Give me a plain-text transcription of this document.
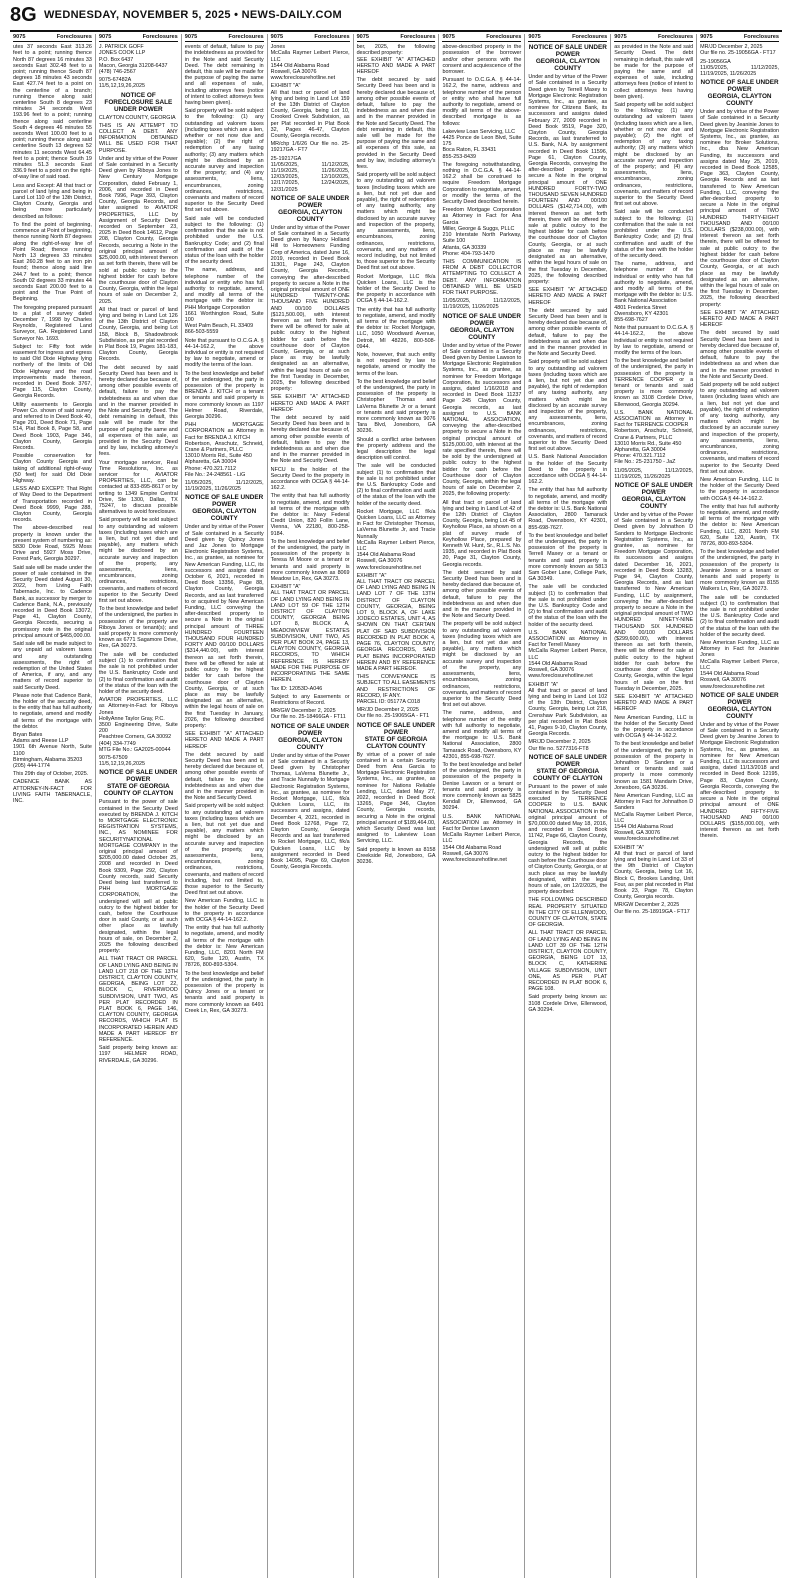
8G WEDNESDAY, NOVEMBER 5, 2025 • NEWS-DAILY.COM
9075	Foreclosures

utes 37 seconds East 313.26 feet to a point; running thence North 87 degrees 16 minutes 33 seconds East 302.48 feet to a point; running thence South 87 degrees 18 minutes 43 seconds East 427.74 feet to a point on the centerline of a branch; running thence along said centerline South 8 degrees 23 minutes 34 seconds West 193.96 feet to a point; running thence along said centerline South 4 degrees 46 minutes 55 seconds West 100.00 feet to a point; running thence along said centerline South 13 degrees 52 minutes 11 seconds West 64.45 feet to a point; thence South 19 minutes 51.3 seconds East 336.9 feet to a point on the right-of-way line of said road.

Less and Except: All that tract or parcel of land lying and being in Land Lot 110 of the 13th District, Clayton County, Georgia and being more particularly described as follows:

To find the point of beginning, commence at Point of beginning, thence running North 87 degrees along the right-of-way line of Point Road; thence running North 13 degrees 33 minutes East 260.28 feet to an iron pin found; thence along said line 244.7 feet to a point; thence South 02 degrees 33 minutes 44 seconds East 200.00 feet to a point and the True Point of Beginning.

The foregoing prepared pursuant to a plat of survey dated December 7, 1998 by Charles Reynolds, Registered Land Surveyor, GA. Registered Land Surveyor No. 1693.

Subject to: Fifty foot wide easement for ingress and egress to said Old Dixie Highway lying northerly of the limits of Old Dixie Highway and the road improvements made thereon, recorded in Deed Book 3767, Page 115, Clayton County, Georgia Records.

Utility easements to Georgia Power Co. shown of said survey and referred to in Deed Book 40, Page 201, Deed Book 71, Page 514, Plat Book 8, Page 58, and Deed Book 1903, Page 346, Clayton County, Georgia Records.

Possible conservation for Clayton County Georgia and taking of additional right-of-way (50 feet) for said Old Dixie Highway.

LESS AND EXCEPT: That Right of Way Deed to the Department of Transportation recorded in Deed Book 9999, Page 288, Clayton County, Georgia records.

The above-described real property is known under the present system of numbering as: 5830 Dixie Road, 5925 Moss Drive and 5927 Moss Drive, Forest Park, Georgia 30297.

Said sale will be made under the power of sale contained in the Security Deed dated August 30, 2022, from Living Faith Tabernacle, Inc. to Cadence Bank, as successor by merger to Cadence Bank, N.A., previously recorded in Deed Book 13072, Page 41, Clayton County, Georgia Records, securing a promissory note in the original principal amount of $465,000.00.

Said sale will be made subject to any unpaid ad valorem taxes and any outstanding assessments, the right of redemption of the United States of America, if any, and any matters of record superior to said Security Deed.

Please note that Cadence Bank, the holder of the security deed, is the entity that has full authority to negotiate, amend and modify all terms of the mortgage with the debtor.

Bryan Bates
Adams and Reese LLP
1901 6th Avenue North, Suite 1100
Birmingham, Alabama 35203
(205) 444-1774

This 29th day of October, 2025.

CADENCE BANK AS ATTORNEY-IN-FACT FOR LIVING FAITH TABERNACLE, INC.

9075	Foreclosures

J. PATRICK GOFF
JONES COOK LLP
P.O. Box 6437
Macon, Georgia 31208-6437
(478) 746-2567

9075-67482A
11/5,12,19,26,2025

NOTICE OF FORECLOSURE SALE UNDER POWER

CLAYTON COUNTY, GEORGIA

THIS IS AN ATTEMPT TO COLLECT A DEBT. ANY INFORMATION OBTAINED WILL BE USED FOR THAT PURPOSE.

Under and by virtue of the Power of Sale contained in a Security Deed given by Riboya Jones to New Century Mortgage Corporation, dated February 1, 2006, and recorded in Deed Book 7996, Page 393, Clayton County, Georgia Records, and later assigned to AVIATOR PROPERTIES, LLC by Assignment of Security Deed recorded on September 23, 2025 in Deed Book 14612, Page 208, Clayton County, Georgia Records, securing a Note in the original principal amount of $25,000.00, with interest thereon as set forth therein, there will be sold at public outcry to the highest bidder for cash before the courthouse door of Clayton County, Georgia, within the legal hours of sale on December 2, 2025.

All that tract or parcel of land lying and being in Land Lot 126 of the 13th District of Clayton County, Georgia, and being Lot 158, Block B, Shadowbrook Subdivision, as per plat recorded in Plat Book 19, Pages 181-183, Clayton County, Georgia Records.

The debt secured by said Security Deed has been and is hereby declared due because of, among other possible events of default, failure to pay the indebtedness as and when due and in the manner provided in the Note and Security Deed. The debt remaining in default, this sale will be made for the purpose of paying the same and all expenses of this sale, as provided in the Security Deed and by law, including attorney's fees.

Your mortgage servicer, Real Time Resolutions, Inc. as servicer for AVIATOR PROPERTIES, LLC, can be contacted at 833-895-8617 or by writing to 1349 Empire Central Drive, Ste 1300, Dallas, TX 75247, to discuss possible alternatives to avoid foreclosure.

Said property will be sold subject to any outstanding ad valorem taxes (including taxes which are a lien, but not yet due and payable), any matters which might be disclosed by an accurate survey and inspection of the property, any assessments, liens, encumbrances, zoning ordinances, restrictions, covenants, and matters of record superior to the Security Deed first set out above.

To the best knowledge and belief of the undersigned, the parties in possession of the property are Riboya Jones or tenant(s); and said property is more commonly known as 6771 Sagamore Drive, Rex, GA 30273.

The sale will be conducted subject (1) to confirmation that the sale is not prohibited under the U.S. Bankruptcy Code and (2) to final confirmation and audit of the status of the loan with the holder of the security deed.

AVIATOR PROPERTIES, LLC as Attorney-in-Fact for Riboya Jones
HollyAnne Taylor Gray, P.C.
3500 Engineering Drive, Suite 200
Peachtree Corners, GA 30092
(404) 334-7749
MTG File No.: GA2025-00044

9075-67509
11/5,12,19,26,2025

NOTICE OF SALE UNDER POWER
STATE OF GEORGIA
COUNTY OF CLAYTON

Pursuant to the power of sale contained in the Security Deed executed by BRENDA J. KITCH to MORTGAGE ELECTRONIC REGISTRATION SYSTEMS, INC., AS NOMINEE FOR SECURITYNATIONAL MORTGAGE COMPANY in the original principal amount of $205,000.00 dated October 25, 2008 and recorded in Deed Book 9309, Page 292, Clayton County records, said Security Deed being last transferred to PHH MORTGAGE CORPORATION, the undersigned will sell at public outcry to the highest bidder for cash, before the Courthouse door in said County, or at such other place as lawfully designated, within the legal hours of sale, on December 2, 2025 the following described property:

ALL THAT TRACT OR PARCEL OF LAND LYING AND BEING IN LAND LOT 218 OF THE 13TH DISTRICT, CLAYTON COUNTY, GEORGIA, BEING LOT 22, BLOCK C, RIVERWOOD SUBDIVISION, UNIT TWO, AS PER PLAT RECORDED IN PLAT BOOK 6, PAGE 146, CLAYTON COUNTY, GEORGIA RECORDS, WHICH PLAT IS INCORPORATED HEREIN AND MADE A PART HEREOF BY REFERENCE.

Said property being known as: 1197 HELMER ROAD, RIVERDALE, GA 30296.

9075	Foreclosures

events of default, failure to pay the indebtedness as provided for in the Note and said Security Deed. The debt remaining in default, this sale will be made for the purpose of paying the same and all expenses of sale, including attorneys fees (notice of intent to collect attorneys fees having been given).

Said property will be sold subject to the following: (1) any outstanding ad valorem taxes (including taxes which are a lien, whether or not now due and payable); (2) the right of redemption of any taxing authority; (3) any matters which might be disclosed by an accurate survey and inspection of the property; and (4) any assessments, liens, encumbrances, zoning ordinances, restrictions, covenants and matters of record superior to the Security Deed first set out above.

Said sale will be conducted subject to the following: (1) confirmation that the sale is not prohibited under the U.S. Bankruptcy Code; and (2) final confirmation and audit of the status of the loan with the holder of the security deed.

The name, address, and telephone number of the individual or entity who has full authority to negotiate, amend, and modify all terms of the mortgage with the debtor is: PHH Mortgage Corporation
1661 Worthington Road, Suite 100
West Palm Beach, FL 33409
866-503-5559

Note that pursuant to O.C.G.A. § 44-14-162.2, the above individual or entity is not required by law to negotiate, amend or modify the terms of the loan.

To the best knowledge and belief of the undersigned, the party in possession of the property is BRENDA J. KITCH or a tenant or tenants and said property is more commonly known as 1197 Helmer Road, Riverdale, Georgia 30296.

PHH MORTGAGE CORPORATION as Attorney in Fact for BRENDA J. KITCH
Robertson, Anschutz, Schneid, Crane & Partners, PLLC
13010 Morris Rd., Suite 450
Alpharetta, GA 30004
Phone: 470.321.7112
File No.: 24-248561 - LiG

11/05/2025, 11/12/2025, 11/19/2025, 11/26/2025

NOTICE OF SALE UNDER POWER
GEORGIA, CLAYTON COUNTY

Under and by virtue of the Power of Sale contained in a Security Deed given by Quincy Jones and Jaz Jones to Mortgage Electronic Registration Systems, Inc., as grantee, as nominee for New American Funding, LLC, its successors and assigns dated October 6, 2021, recorded in Deed Book 13356, Page 88, Clayton County, Georgia Records, and as last transferred to or acquired by New American Funding, LLC conveying the after-described property to secure a Note in the original principal amount of THREE HUNDRED FOURTEEN THOUSAND FOUR HUNDRED FORTY AND 00/100 DOLLARS ($314,440.00), with interest thereon as set forth therein, there will be offered for sale at public outcry to the highest bidder for cash before the courthouse door of Clayton County, Georgia, or at such place as may be lawfully designated as an alternative, within the legal hours of sale on the first Tuesday in January, 2026, the following described property:

SEE EXHIBIT "A" ATTACHED HERETO AND MADE A PART HEREOF

The debt secured by said Security Deed has been and is hereby declared due because of, among other possible events of default, failure to pay the indebtedness as and when due and in the manner provided in the Note and Security Deed.

Said property will be sold subject to any outstanding ad valorem taxes (including taxes which are a lien, but not yet due and payable), any matters which might be disclosed by an accurate survey and inspection of the property, any assessments, liens, encumbrances, zoning ordinances, restrictions, covenants, and matters of record including, but not limited to, those superior to the Security Deed first set out above.

New American Funding, LLC is the holder of the Security Deed to the property in accordance with OCGA § 44-14-162.2.

The entity that has full authority to negotiate, amend, and modify all terms of the mortgage with the debtor is: New American Funding, LLC, 8201 North FM 620, Suite 120, Austin, TX 78726, 800-893-5304.

To the best knowledge and belief of the undersigned, the party in possession of the property is Quincy Jones or a tenant or tenants and said property is more commonly known as 6491 Creek Ln, Rex, GA 30273.

9075	Foreclosures

Jones
McCalla Raymer Leibert Pierce, LLC
1544 Old Alabama Road
Roswell, GA 30076
www.foreclosurehotline.net

EXHIBIT "A"
All that tract or parcel of land lying and being in Land Lot 159 of the 13th District of Clayton County, Georgia, being Lot 10, Crooked Creek Subdivision, as per Plat recorded in Plat Book 32, Pages 46-47, Clayton County, Georgia records.

MR/chp 1/6/26 Our file no. 25-19217GA - FT7

25-19217GA
11/05/2025, 11/12/2025, 11/19/2025, 11/26/2025, 12/03/2025, 12/10/2025, 12/17/2025, 12/24/2025, 12/31/2025

NOTICE OF SALE UNDER POWER
GEORGIA, CLAYTON COUNTY

Under and by virtue of the Power of Sale contained in a Security Deed given by Nancy Holland Hill to Homeowners Funding Corp of America, dated June 16, 2019, recorded in Deed Book 11301, Page 243, Clayton County, Georgia Records, conveying the after-described property to secure a Note in the original principal amount of ONE HUNDRED TWENTY-ONE THOUSAND FIVE HUNDRED AND 00/100 DOLLARS ($121,500.00), with interest thereon as set forth therein, there will be offered for sale at public outcry to the highest bidder for cash before the courthouse door of Clayton County, Georgia, or at such place as may be lawfully designated as an alternative, within the legal hours of sale on the first Tuesday in December, 2025, the following described property:

SEE EXHIBIT "A" ATTACHED HERETO AND MADE A PART HEREOF

The debt secured by said Security Deed has been and is hereby declared due because of, among other possible events of default, failure to pay the indebtedness as and when due and in the manner provided in the Note and Security Deed.

NFCU is the holder of the Security Deed to the property in accordance with OCGA § 44-14-162.2.

The entity that has full authority to negotiate, amend, and modify all terms of the mortgage with the debtor is: Navy Federal Credit Union, 820 Follin Lane, Vienna, VA 22180, 800-258-9184.

To the best knowledge and belief of the undersigned, the party in possession of the property is Teresa M Moore or a tenant or tenants and said property is more commonly known as 8069 Meadow Ln, Rex, GA 30273.

EXHIBIT "A"
ALL THAT TRACT OR PARCEL OF LAND LYING AND BEING IN LAND LOT 59 OF THE 12TH DISTRICT OF CLAYTON COUNTY, GEORGIA BEING LOT 8, BLOCK A, MEADOWVIEW ESTATES SUBDIVISION, UNIT TWO, AS PER PLAT BOOK 24, PAGE 13, CLAYTON COUNTY, GEORGIA RECORDS, TO WHICH REFERENCE IS HEREBY MADE FOR THE PURPOSE OF INCORPORATING THE SAME HEREIN.

Tax ID: 12053D-A046

Subject to any Easements or Restrictions of Record.

MR/GW December 2, 2025
Our file no. 25-18466GA - FT11

NOTICE OF SALE UNDER POWER
GEORGIA, CLAYTON COUNTY

Under and by virtue of the Power of Sale contained in a Security Deed given by Christopher Thomas, LaVerna Blunette Jr., and Tracie Nunnally to Mortgage Electronic Registration Systems, Inc., as grantee, as nominee for Rocket Mortgage, LLC, f/k/a Quicken Loans, LLC, its successors and assigns, dated December 4, 2021, recorded in Deed Book 12768, Page 72, Clayton County, Georgia Records and as last transferred to Rocket Mortgage, LLC, f/k/a Quicken Loans, LLC by assignment recorded in Deed Book 14095, Page 69, Clayton County, Georgia Records.

9075	Foreclosures

ber, 2025, the following described property:
SEE EXHIBIT "A" ATTACHED HERETO AND MADE A PART HEREOF

The debt secured by said Security Deed has been and is hereby declared due because of, among other possible events of default, failure to pay the indebtedness as and when due and in the manner provided in the Note and Security Deed. The debt remaining in default, this sale will be made for the purpose of paying the same and all expenses of this sale, as provided in the Security Deed and by law, including attorney's fees.

Said property will be sold subject to any outstanding ad valorem taxes (including taxes which are a lien, but not yet due and payable), the right of redemption of any taxing authority, any matters which might be disclosed by an accurate survey and inspection of the property, any assessments, liens, encumbrances, zoning ordinances, restrictions, covenants, and any matters of record including, but not limited to, those superior to the Security Deed first set out above.

Rocket Mortgage, LLC f/k/a Quicken Loans, LLC is the holder of the Security Deed to the property in accordance with OCGA § 44-14-162.2.

The entity that has full authority to negotiate, amend, and modify all terms of the mortgage with the debtor is: Rocket Mortgage, LLC, 1050 Woodward Avenue, Detroit, MI 48226, 800-508-0944.

Note, however, that such entity is not required by law to negotiate, amend or modify the terms of the loan.

To the best knowledge and belief of the undersigned, the party in possession of the property is Christopher Thomas and LaVerna Blunette Jr or a tenant or tenants and said property is more commonly known as 9076 Tara Blvd, Jonesboro, GA 30236.

Should a conflict arise between the property address and the legal description the legal description will control.

The sale will be conducted subject (1) to confirmation that the sale is not prohibited under the U.S. Bankruptcy Code and (2) to final confirmation and audit of the status of the loan with the holder of the security deed.

Rocket Mortgage, LLC f/k/a Quicken Loans, LLC as Attorney in Fact for Christopher Thomas, LaVerna Blunette Jr, and Tracie Nunnally
McCalla Raymer Leibert Pierce, LLC
1544 Old Alabama Road
Roswell, GA 30076
www.foreclosurehotline.net

EXHIBIT "A"
ALL THAT TRACT OR PARCEL OF LAND LYING AND BEING IN LAND LOT 7 OF THE 13TH DISTRICT OF CLAYTON COUNTY, GEORGIA, BEING LOT 9, BLOCK A, OF LAKE JODECO ESTATES, UNIT 4, AS SHOWN ON THAT CERTAIN PLAT OF SAID SUBDIVISION RECORDED IN PLAT BOOK 4, PAGE 76, CLAYTON COUNTY, GEORGIA RECORDS, SAID PLAT BEING INCORPORATED HEREIN AND BY REFERENCE MADE A PART HEREOF.

THIS CONVEYANCE IS SUBJECT TO ALL EASEMENTS AND RESTRICTIONS OF RECORD, IF ANY.
PARCEL ID: 05177A C018

MR/JD December 2, 2025
Our file no. 25-19065GA - FT1

NOTICE OF SALE UNDER POWER
STATE OF GEORGIA
CLAYTON COUNTY

By virtue of a power of sale contained in a certain Security Deed from Ana Garcia to Mortgage Electronic Registration Systems, Inc., as grantee, as nominee for Nations Reliable Lending, LLC, dated May 27, 2022, recorded in Deed Book 13265, Page 346, Clayton County, Georgia records, securing a Note in the original principal amount of $189,464.00, which Security Deed was last assigned to Lakeview Loan Servicing, LLC.

Said property is known as 8158 Creekside Rd, Jonesboro, GA 30236.

9075	Foreclosures

above-described property in the possession of the borrower and/or other persons with the consent and acquiescence of the borrower.

Pursuant to O.C.G.A. § 44-14-162.2, the name, address and telephone number of the person or entity who shall have full authority to negotiate, amend or modify all terms of the above-described mortgage is as follows:

Lakeview Loan Servicing, LLC
4425 Ponce de Leon Blvd, Suite 175
Boca Raton, FL 33431
855-253-8439

The foregoing notwithstanding, nothing in O.C.G.A. § 44-14-162.2 shall be construed to require Freedom Mortgage Corporation to negotiate, amend, or modify the terms of the Security Deed described herein.

Freedom Mortgage Corporation as Attorney in Fact for Ana Garcia
Miller, George & Suggs, PLLC
210 Interstate North Parkway, Suite 100
Atlanta, GA 30339
Phone: 404-793-1470

THIS COMMUNICATION IS FROM A DEBT COLLECTOR ATTEMPTING TO COLLECT A DEBT. ANY INFORMATION OBTAINED WILL BE USED FOR THAT PURPOSE.

11/05/2025, 11/12/2025, 11/19/2025, 11/26/2025

NOTICE OF SALE UNDER POWER
GEORGIA, CLAYTON COUNTY

Under and by virtue of the Power of Sale contained in a Security Deed given by Denise Lawson to Mortgage Electronic Registration Systems, Inc., as grantee, as nominee for Freedom Mortgage Corporation, its successors and assigns, dated 1/16/2018 and recorded in Deed Book 11237 Page 245 Clayton County, Georgia records, as last assigned to U.S. BANK NATIONAL ASSOCIATION, conveying the after-described property to secure a Note in the original principal amount of $125,000.00, with interest at the rate specified therein, there will be sold by the undersigned at public outcry to the highest bidder for cash before the Courthouse door of Clayton County, Georgia, within the legal hours of sale on December 2, 2025, the following property:

All that tract or parcel of land lying and being in Land Lot 42 of the 12th District of Clayton County, Georgia, being Lot 45 of Keyhollow Place, as shown on a plat of survey made of Keyhollow Place, prepared by Kenneth W. Hunt, Sr., R.L.S. No. 1935, and recorded in Plat Book 20, Page 31, Clayton County, Georgia records.

The debt secured by said Security Deed has been and is hereby declared due because of, among other possible events of default, failure to pay the indebtedness as and when due and in the manner provided in the Note and Security Deed.

The property will be sold subject to any outstanding ad valorem taxes (including taxes which are a lien, but not yet due and payable), any matters which might be disclosed by an accurate survey and inspection of the property, any assessments, liens, encumbrances, zoning ordinances, restrictions, covenants, and matters of record superior to the Security Deed first set out above.

The name, address, and telephone number of the entity with full authority to negotiate, amend and modify all terms of the mortgage is: U.S. Bank National Association, 2800 Tamarack Road, Owensboro, KY 42301, 855-698-7627.

To the best knowledge and belief of the undersigned, the party in possession of the property is Denise Lawson or a tenant or tenants and said property is more commonly known as 5825 Kendall Dr, Ellenwood, GA 30294.

U.S. BANK NATIONAL ASSOCIATION as Attorney in Fact for Denise Lawson
McCalla Raymer Leibert Pierce, LLC
1544 Old Alabama Road
Roswell, GA 30076
www.foreclosurehotline.net

9075	Foreclosures

NOTICE OF SALE UNDER POWER
GEORGIA, CLAYTON COUNTY

Under and by virtue of the Power of Sale contained in a Security Deed given by Terrell Maxey to Mortgage Electronic Registration Systems, Inc., as grantee, as nominee for Citizens Bank, its successors and assigns dated February 27, 2009 recorded in Deed Book 9519, Page 320, Clayton County, Georgia Records, as last transferred to U.S. Bank, N.A. by assignment recorded in Deed Book 11596, Page 61, Clayton County, Georgia Records, conveying the after-described property to secure a Note in the original principal amount of ONE HUNDRED FORTY-TWO THOUSAND SEVEN HUNDRED FOURTEEN AND 00/100 DOLLARS ($142,714.00), with interest thereon as set forth therein, there will be offered for sale at public outcry to the highest bidder for cash before the courthouse door of Clayton County, Georgia, or at such place as may be lawfully designated as an alternative, within the legal hours of sale on the first Tuesday in December, 2025, the following described property:

SEE EXHIBIT "A" ATTACHED HERETO AND MADE A PART HEREOF

The debt secured by said Security Deed has been and is hereby declared due because of, among other possible events of default, failure to pay the indebtedness as and when due and in the manner provided in the Note and Security Deed.

Said property will be sold subject to any outstanding ad valorem taxes (including taxes which are a lien, but not yet due and payable), the right of redemption of any taxing authority, any matters which might be disclosed by an accurate survey and inspection of the property, any assessments, liens, encumbrances, zoning ordinances, restrictions, covenants, and matters of record superior to the Security Deed first set out above.

U.S. Bank National Association is the holder of the Security Deed to the property in accordance with OCGA § 44-14-162.2.

The entity that has full authority to negotiate, amend, and modify all terms of the mortgage with the debtor is: U.S. Bank National Association, 2800 Tamarack Road, Owensboro, KY 42301, 855-698-7627.

To the best knowledge and belief of the undersigned, the party in possession of the property is Terrell Maxey or a tenant or tenants and said property is more commonly known as 5813 Sam Gober Lane, College Park, GA 30349.

The sale will be conducted subject (1) to confirmation that the sale is not prohibited under the U.S. Bankruptcy Code and (2) to final confirmation and audit of the status of the loan with the holder of the security deed.

U.S. BANK NATIONAL ASSOCIATION as Attorney in Fact for Terrell Maxey
McCalla Raymer Leibert Pierce, LLC
1544 Old Alabama Road
Roswell, GA 30076
www.foreclosurehotline.net

EXHIBIT "A"
All that tract or parcel of land lying and being in Land Lot 102 of the 13th District, Clayton County, Georgia, being Lot 218, Crenshaw Park Subdivision, as per plat recorded in Plat Book 41, Pages 9-10, Clayton County, Georgia Records.

MR/JD December 2, 2025
Our file no. 5277316-FT8

NOTICE OF SALE UNDER POWER
STATE OF GEORGIA
COUNTY OF CLAYTON

Pursuant to the power of sale contained in the Security Deed executed by TERRENCE COOPER to U.S. BANK NATIONAL ASSOCIATION in the original principal amount of $70,000.00 dated May 18, 2016, and recorded in Deed Book 11742, Page 66, Clayton County, Georgia Records, the undersigned will sell at public outcry to the highest bidder for cash before the Courthouse door of Clayton County, Georgia, or at such place as may be lawfully designated, within the legal hours of sale, on 12/2/2025, the property described:

THE FOLLOWING DESCRIBED REAL PROPERTY SITUATED IN THE CITY OF ELLENWOOD, COUNTY OF CLAYTON, STATE OF GEORGIA.

ALL THAT TRACT OR PARCEL OF LAND LYING AND BEING IN LAND LOT 39 OF THE 12TH DISTRICT, CLAYTON COUNTY, GEORGIA, BEING LOT 13, BLOCK C, KATHERINE VILLAGE SUBDIVISION, UNIT ONE, AS PER PLAT RECORDED IN PLAT BOOK 6, PAGE 108.

Said property being known as: 3108 Cordele Drive, Ellenwood, GA 30294.

9075	Foreclosures

as provided in the Note and said Security Deed. The debt remaining in default, this sale will be made for the purpose of paying the same and all expenses of sale, including attorneys fees (notice of intent to collect attorneys fees having been given).

Said property will be sold subject to the following: (1) any outstanding ad valorem taxes (including taxes which are a lien, whether or not now due and payable); (2) the right of redemption of any taxing authority; (3) any matters which might be disclosed by an accurate survey and inspection of the property; and (4) any assessments, liens, encumbrances, zoning ordinances, restrictions, covenants, and matters of record superior to the Security Deed first set out above.

Said sale will be conducted subject to the following: (1) confirmation that the sale is not prohibited under the U.S. Bankruptcy Code; and (2) final confirmation and audit of the status of the loan with the holder of the security deed.

The name, address, and telephone number of the individual or entity who has full authority to negotiate, amend, and modify all terms of the mortgage with the debtor is: U.S. Bank National Association
4801 Frederica Street
Owensboro, KY 42301
855-698-7627

Note that pursuant to O.C.G.A. § 44-14-162.2, the above individual or entity is not required by law to negotiate, amend or modify the terms of the loan.

To the best knowledge and belief of the undersigned, the party in possession of the property is TERRENCE COOPER or a tenant or tenants and said property is more commonly known as 3108 Cordele Drive, Ellenwood, Georgia 30294.

U.S. BANK NATIONAL ASSOCIATION as Attorney in Fact for TERRENCE COOPER
Robertson, Anschutz, Schneid, Crane & Partners, PLLC
13010 Morris Rd., Suite 450
Alpharetta, GA 30004
Phone: 470.321.7112
File No.: 25-231750 - JaZ

11/05/2025, 11/12/2025, 11/19/2025, 11/26/2025

NOTICE OF SALE UNDER POWER
GEORGIA, CLAYTON COUNTY

Under and by virtue of the Power of Sale contained in a Security Deed given by Johnathon D Sanders to Mortgage Electronic Registration Systems, Inc., as grantee, as nominee for Freedom Mortgage Corporation, its successors and assigns dated December 16, 2021, recorded in Deed Book 13283, Page 94, Clayton County, Georgia Records, and as last transferred to New American Funding, LLC by assignment, conveying the after-described property to secure a Note in the original principal amount of TWO HUNDRED NINETY-NINE THOUSAND SIX HUNDRED AND 00/100 DOLLARS ($299,600.00), with interest thereon as set forth therein, there will be offered for sale at public outcry to the highest bidder for cash before the courthouse door of Clayton County, Georgia, within the legal hours of sale on the first Tuesday in December, 2025.

SEE EXHIBIT "A" ATTACHED HERETO AND MADE A PART HEREOF

New American Funding, LLC is the holder of the Security Deed to the property in accordance with OCGA § 44-14-162.2.

To the best knowledge and belief of the undersigned, the party in possession of the property is Johnathon D Sanders or a tenant or tenants and said property is more commonly known as 1581 Mandarin Drive, Jonesboro, GA 30236.

New American Funding, LLC as Attorney in Fact for Johnathon D Sanders
McCalla Raymer Leibert Pierce, LLC
1544 Old Alabama Road
Roswell, GA 30076
www.foreclosurehotline.net

EXHIBIT "A"
All that tract or parcel of land lying and being in Land Lot 33 of the 9th District of Clayton County, Georgia, being Lot 16, Block C, Brookes Landing, Unit Four, as per plat recorded in Plat Book 23, Page 78, Clayton County, Georgia records.

MR/GW December 2, 2025
Our file no. 25-18919GA - FT17

9075	Foreclosures

MR/JD December 2, 2025
Our file no. 25-19056GA - FT17

25-19056GA
11/05/2025, 11/12/2025, 11/19/2025, 11/26/2025

NOTICE OF SALE UNDER POWER
GEORGIA, CLAYTON COUNTY

Under and by virtue of the Power of Sale contained in a Security Deed given by Jeaninie Jones to Mortgage Electronic Registration Systems, Inc., as grantee, as nominee for Broker Solutions, Inc., dba New American Funding, its successors and assigns dated May 25, 2019, recorded in Deed Book 12585, Page 363, Clayton County, Georgia Records and as last transferred to New American Funding, LLC, conveying the after-described property to secure a Note in the original principal amount of TWO HUNDRED THIRTY-EIGHT THOUSAND AND 00/100 DOLLARS ($238,000.00), with interest thereon as set forth therein, there will be offered for sale at public outcry to the highest bidder for cash before the courthouse door of Clayton County, Georgia, or at such place as may be lawfully designated as an alternative, within the legal hours of sale on the first Tuesday in December, 2025, the following described property:

SEE EXHIBIT "A" ATTACHED HERETO AND MADE A PART HEREOF

The debt secured by said Security Deed has been and is hereby declared due because of, among other possible events of default, failure to pay the indebtedness as and when due and in the manner provided in the Note and Security Deed.

Said property will be sold subject to any outstanding ad valorem taxes (including taxes which are a lien, but not yet due and payable), the right of redemption of any taxing authority, any matters which might be disclosed by an accurate survey and inspection of the property, any assessments, liens, encumbrances, zoning ordinances, restrictions, covenants, and matters of record superior to the Security Deed first set out above.

New American Funding, LLC is the holder of the Security Deed to the property in accordance with OCGA § 44-14-162.2.

The entity that has full authority to negotiate, amend, and modify all terms of the mortgage with the debtor is: New American Funding, LLC, 8201 North FM 620, Suite 120, Austin, TX 78726, 800-893-5304.

To the best knowledge and belief of the undersigned, the party in possession of the property is Jeaninie Jones or a tenant or tenants and said property is more commonly known as 8155 Walkers Ln, Rex, GA 30273.

The sale will be conducted subject (1) to confirmation that the sale is not prohibited under the U.S. Bankruptcy Code and (2) to final confirmation and audit of the status of the loan with the holder of the security deed.

New American Funding, LLC as Attorney in Fact for Jeaninie Jones
McCalla Raymer Leibert Pierce, LLC
1544 Old Alabama Road
Roswell, GA 30076
www.foreclosurehotline.net

NOTICE OF SALE UNDER POWER
GEORGIA, CLAYTON COUNTY

Under and by virtue of the Power of Sale contained in a Security Deed given by Jeanine Jones to Mortgage Electronic Registration Systems, Inc., as grantee, as nominee for New American Funding, LLC its successors and assigns, dated 11/13/2018 and recorded in Deed Book 12195, Page 83, Clayton County, Georgia Records, conveying the after-described property to secure a Note in the original principal amount of ONE HUNDRED FIFTY-FIVE THOUSAND AND 00/100 DOLLARS ($155,000.00), with interest thereon as set forth therein.
